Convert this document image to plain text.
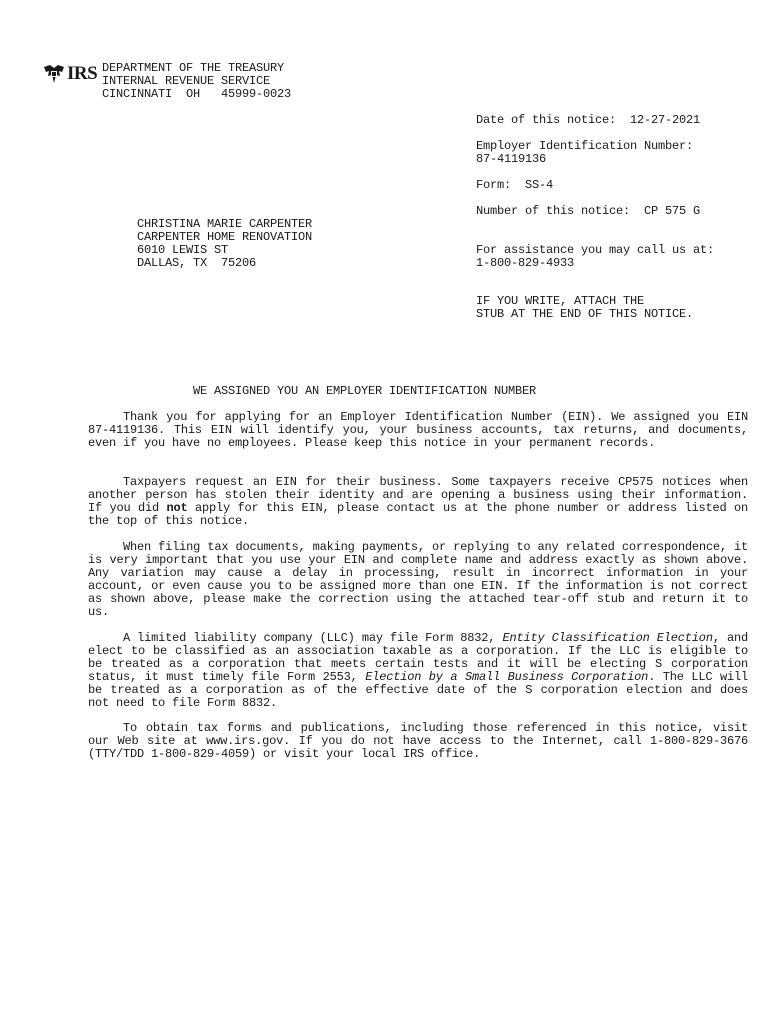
IRS DEPARTMENT OF THE TREASURY
INTERNAL REVENUE SERVICE
CINCINNATI  OH   45999-0023
Date of this notice:  12-27-2021
Employer Identification Number:
87-4119136
Form:  SS-4
Number of this notice:  CP 575 G
For assistance you may call us at:
1-800-829-4933
IF YOU WRITE, ATTACH THE
STUB AT THE END OF THIS NOTICE.
CHRISTINA MARIE CARPENTER
CARPENTER HOME RENOVATION
6010 LEWIS ST
DALLAS, TX  75206
WE ASSIGNED YOU AN EMPLOYER IDENTIFICATION NUMBER
Thank you for applying for an Employer Identification Number (EIN). We assigned you EIN 87-4119136. This EIN will identify you, your business accounts, tax returns, and documents, even if you have no employees. Please keep this notice in your permanent records.
Taxpayers request an EIN for their business. Some taxpayers receive CP575 notices when another person has stolen their identity and are opening a business using their information. If you did not apply for this EIN, please contact us at the phone number or address listed on the top of this notice.
When filing tax documents, making payments, or replying to any related correspondence, it is very important that you use your EIN and complete name and address exactly as shown above. Any variation may cause a delay in processing, result in incorrect information in your account, or even cause you to be assigned more than one EIN. If the information is not correct as shown above, please make the correction using the attached tear-off stub and return it to us.
A limited liability company (LLC) may file Form 8832, Entity Classification Election, and elect to be classified as an association taxable as a corporation. If the LLC is eligible to be treated as a corporation that meets certain tests and it will be electing S corporation status, it must timely file Form 2553, Election by a Small Business Corporation. The LLC will be treated as a corporation as of the effective date of the S corporation election and does not need to file Form 8832.
To obtain tax forms and publications, including those referenced in this notice, visit our Web site at www.irs.gov. If you do not have access to the Internet, call 1-800-829-3676 (TTY/TDD 1-800-829-4059) or visit your local IRS office.
